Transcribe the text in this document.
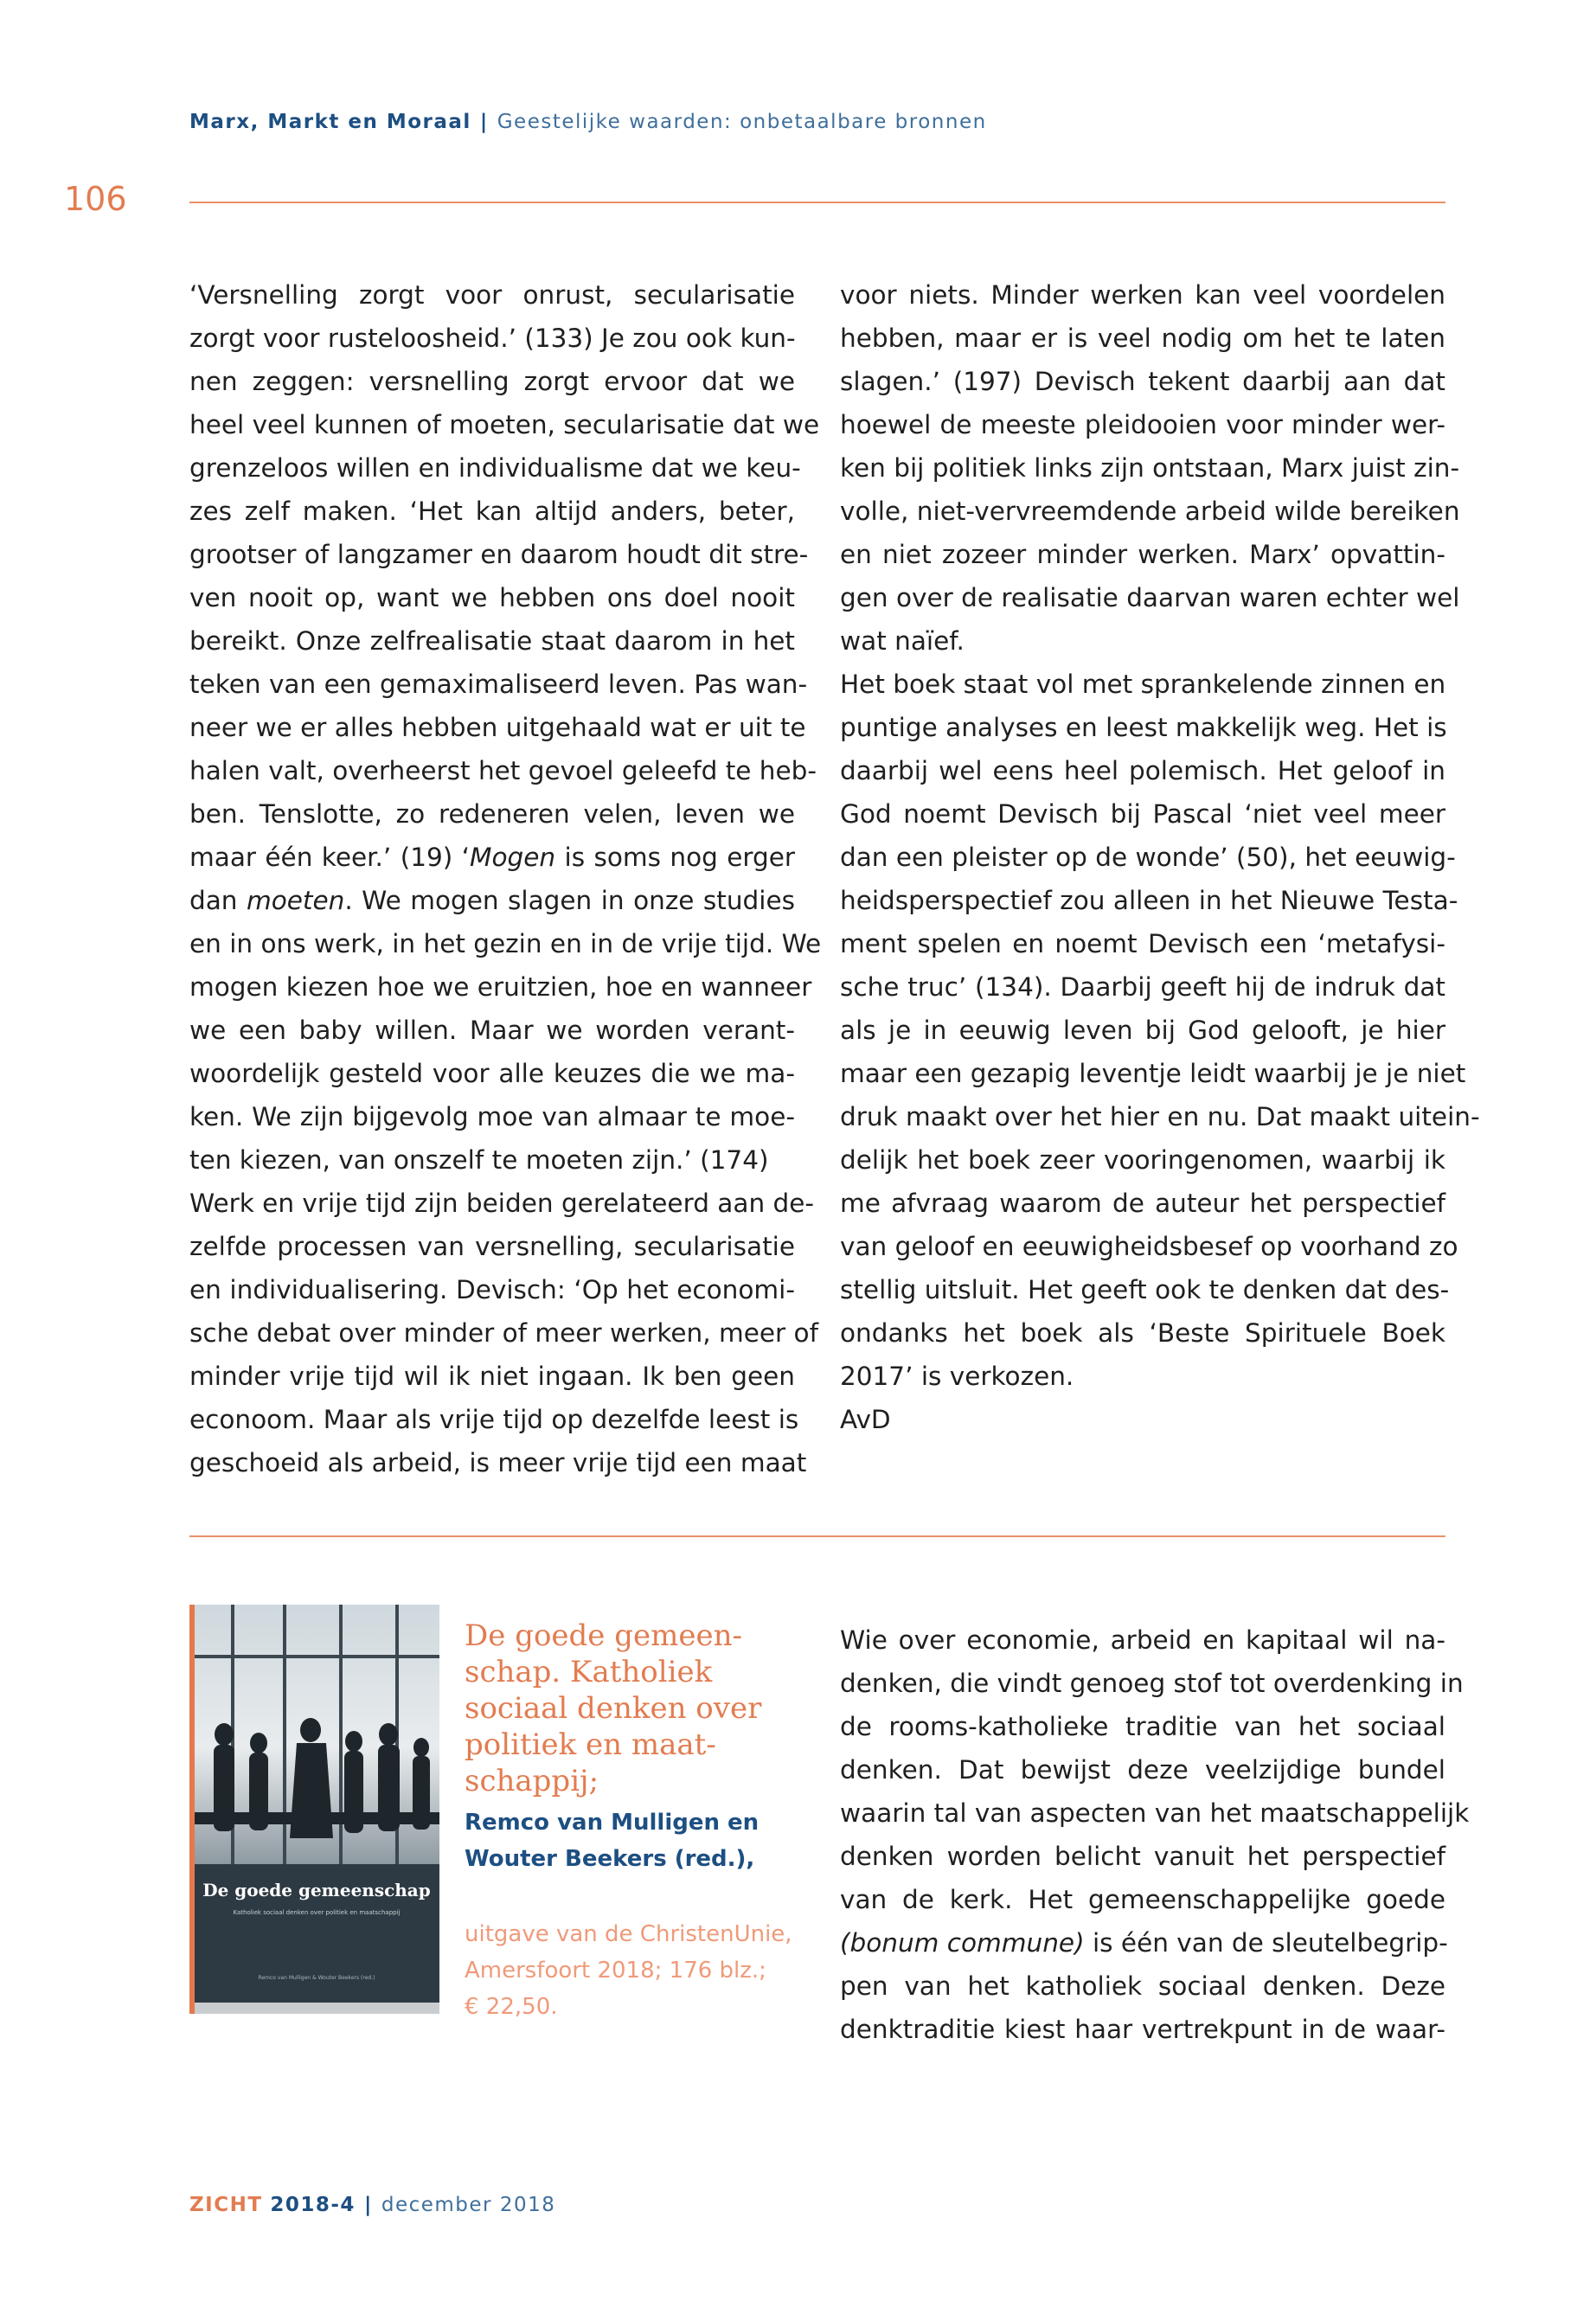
Marx, Markt en Moraal | Geestelijke waarden: onbetaalbare bronnen
106
‘Versnelling zorgt voor onrust, secularisatie
zorgt voor rusteloosheid.’ (133) Je zou ook kun-
nen zeggen: versnelling zorgt ervoor dat we
heel veel kunnen of moeten, secularisatie dat we
grenzeloos willen en individualisme dat we keu-
zes zelf maken. ‘Het kan altijd anders, beter,
grootser of langzamer en daarom houdt dit stre-
ven nooit op, want we hebben ons doel nooit
bereikt. Onze zelfrealisatie staat daarom in het
teken van een gemaximaliseerd leven. Pas wan-
neer we er alles hebben uitgehaald wat er uit te
halen valt, overheerst het gevoel geleefd te heb-
ben. Tenslotte, zo redeneren velen, leven we
maar één keer.’ (19) ‘Mogen is soms nog erger
dan moeten. We mogen slagen in onze studies
en in ons werk, in het gezin en in de vrije tijd. We
mogen kiezen hoe we eruitzien, hoe en wanneer
we een baby willen. Maar we worden verant-
woordelijk gesteld voor alle keuzes die we ma-
ken. We zijn bijgevolg moe van almaar te moe-
ten kiezen, van onszelf te moeten zijn.’ (174)
Werk en vrije tijd zijn beiden gerelateerd aan de-
zelfde processen van versnelling, secularisatie
en individualisering. Devisch: ‘Op het economi-
sche debat over minder of meer werken, meer of
minder vrije tijd wil ik niet ingaan. Ik ben geen
econoom. Maar als vrije tijd op dezelfde leest is
geschoeid als arbeid, is meer vrije tijd een maat
voor niets. Minder werken kan veel voordelen
hebben, maar er is veel nodig om het te laten
slagen.’ (197) Devisch tekent daarbij aan dat
hoewel de meeste pleidooien voor minder wer-
ken bij politiek links zijn ontstaan, Marx juist zin-
volle, niet-vervreemdende arbeid wilde bereiken
en niet zozeer minder werken. Marx’ opvattin-
gen over de realisatie daarvan waren echter wel
wat naïef.
Het boek staat vol met sprankelende zinnen en
puntige analyses en leest makkelijk weg. Het is
daarbij wel eens heel polemisch. Het geloof in
God noemt Devisch bij Pascal ‘niet veel meer
dan een pleister op de wonde’ (50), het eeuwig-
heidsperspectief zou alleen in het Nieuwe Testa-
ment spelen en noemt Devisch een ‘metafysi-
sche truc’ (134). Daarbij geeft hij de indruk dat
als je in eeuwig leven bij God gelooft, je hier
maar een gezapig leventje leidt waarbij je je niet
druk maakt over het hier en nu. Dat maakt uitein-
delijk het boek zeer vooringenomen, waarbij ik
me afvraag waarom de auteur het perspectief
van geloof en eeuwigheidsbesef op voorhand zo
stellig uitsluit. Het geeft ook te denken dat des-
ondanks het boek als ‘Beste Spirituele Boek
2017’ is verkozen.
AvD
De goede gemeenschap
Katholiek sociaal denken over politiek en maatschappij
Remco van Mulligen & Wouter Beekers (red.)
De goede gemeen-
schap. Katholiek
sociaal denken over
politiek en maat-
schappij;
Remco van Mulligen en
Wouter Beekers (red.),
uitgave van de ChristenUnie,
Amersfoort 2018; 176 blz.;
€ 22,50.
Wie over economie, arbeid en kapitaal wil na-
denken, die vindt genoeg stof tot overdenking in
de rooms-katholieke traditie van het sociaal
denken. Dat bewijst deze veelzijdige bundel
waarin tal van aspecten van het maatschappelijk
denken worden belicht vanuit het perspectief
van de kerk. Het gemeenschappelijke goede
(bonum commune) is één van de sleutelbegrip-
pen van het katholiek sociaal denken. Deze
denktraditie kiest haar vertrekpunt in de waar-
ZICHT 2018-4 | december 2018
